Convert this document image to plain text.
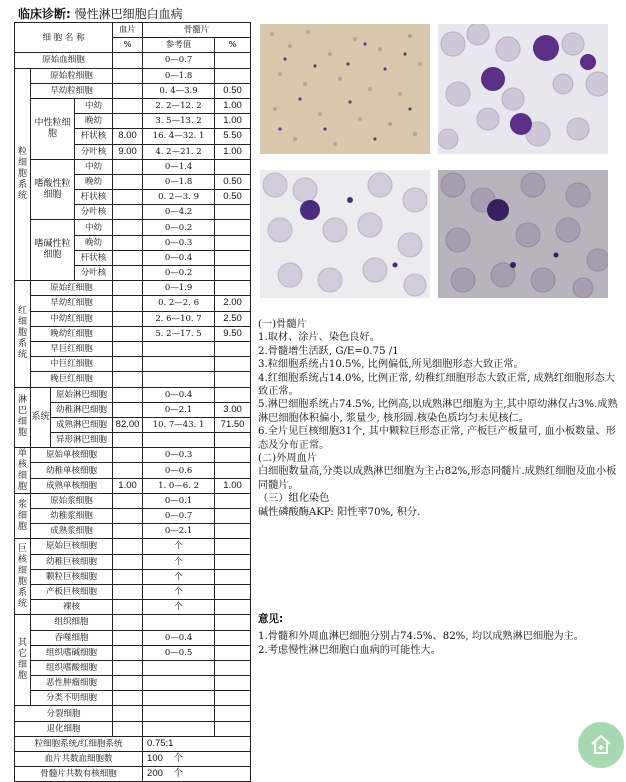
临床诊断: 慢性淋巴细胞白血病
细 胞 名 称				血片	骨髓片	
				%	参考值	%
原始血细胞					0—0.7	
粒细胞系统	原始粒细胞				0—1.8	
	早幼粒细胞				0. 4—3.9	0.50
	中性粒细胞		中幼		2. 2—12. 2	1.00
			晚幼		3. 5—13. 2	1.00
			杆状核	8.00	16. 4—32. 1	5.50
			分叶核	9.00	4. 2—21. 2	1.00
	嗜酸性粒细胞		中幼		0—1.4	
			晚幼		0—1.8	0.50
			杆状核		0. 2—3. 9	0.50
			分叶核		0—4.2	
	嗜碱性粒细胞		中幼		0—0.2	
			晚幼		0—0.3	
			杆状核		0—0.4	
			分叶核		0—0.2	
红细胞系统	原始红细胞				0—1.9	
	早幼红细胞				0. 2—2. 6	2.00
	中幼红细胞				2. 6—10. 7	2.50
	晚幼红细胞				5. 2—17. 5	9.50
	早巨红细胞					
	中巨红细胞					
	晚巨红细胞					
淋巴细胞	系统	原始淋巴细胞			0—0.4	
		幼稚淋巴细胞			0—2.1	3.00
		成熟淋巴细胞		82.00	10. 7—43. 1	71.50
		异形淋巴细胞				
单核细胞	原始单核细胞				0—0.3	
	幼稚单核细胞				0—0.6	
	成熟单核细胞			1.00	1. 0—6. 2	1.00
浆细胞	原始浆细胞				0—0.1	
	幼稚浆细胞				0—0.7	
	成熟浆细胞				0—2.1	
巨核细胞系统	原始巨核细胞				个	
	幼稚巨核细胞				个	
	颗粒巨核细胞				个	
	产板巨核细胞				个	
	裸核				个	
其它细胞	组织细胞					
	吞噬细胞				0—0.4	
	组织嗜碱细胞				0—0.5	
	组织嗜酸细胞					
	恶性肿瘤细胞					
	分类不明细胞					
分裂细胞						
退化细胞						
粒细胞系统/红细胞系统					0.75:1	
血片共数血细胞数					100 个	
骨髓片共数有核细胞					200 个	
(一)骨髓片
1.取材、涂片、染色良好。
2.骨髓增生活跃, G/E=0.75 /1
3.粒细胞系统占10.5%, 比例偏低,所见细胞形态大致正常。
4.红细胞系统占14.0%, 比例正常, 幼稚红细胞形态大致正常, 成熟红细胞形态大致正常。
5.淋巴细胞系统占74.5%, 比例高,以成熟淋巴细胞为主,其中原幼淋仅占3%.成熟淋巴细胞体积偏小, 浆量少, 核形圆.核染色质均匀未见核仁。
6.全片见巨核细胞31个, 其中颗粒巨形态正常, 产板巨产板量可, 血小板数量、形态及分布正常。
(二)外周血片
白细胞数量高,分类以成熟淋巴细胞为主占82%,形态同髓片.成熟红细胞及血小板同髓片。
（三）组化染色
碱性磷酸酶AKP: 阳性率70%, 积分.
意见:
1.骨髓和外周血淋巴细胞分别占74.5%、82%, 均以成熟淋巴细胞为主。
2.考虑慢性淋巴细胞白血病的可能性大。
